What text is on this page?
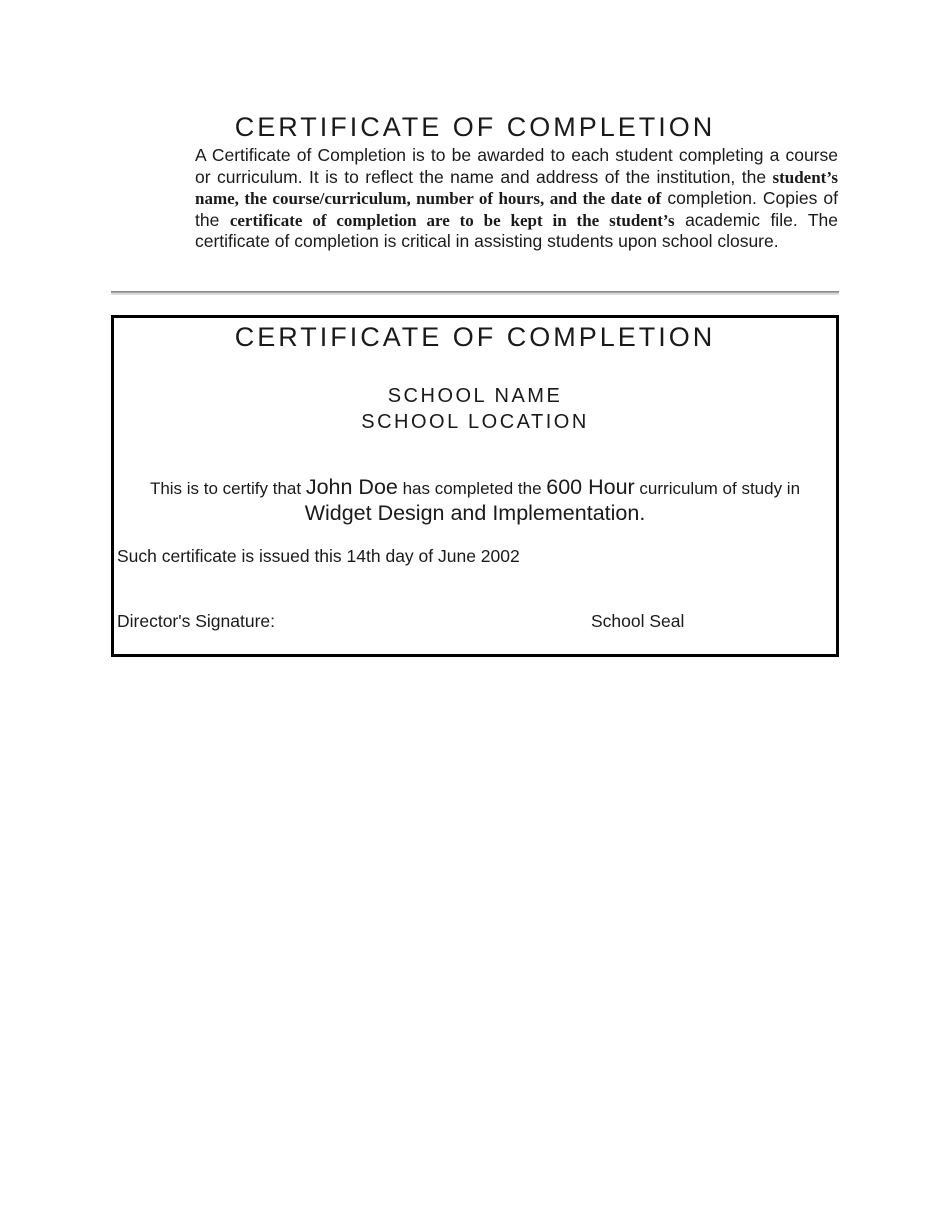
CERTIFICATE OF COMPLETION

A Certificate of Completion is to be awarded to each student completing a course or curriculum. It is to reflect the name and address of the institution, the student’s name, the course/curriculum, number of hours, and the date of completion. Copies of the certificate of completion are to be kept in the student’s academic file. The certificate of completion is critical in assisting students upon school closure.

CERTIFICATE OF COMPLETION
SCHOOL NAME
SCHOOL LOCATION
This is to certify that John Doe has completed the 600 Hour curriculum of study in
Widget Design and Implementation.
Such certificate is issued this 14th day of June 2002
Director's Signature:	School Seal
